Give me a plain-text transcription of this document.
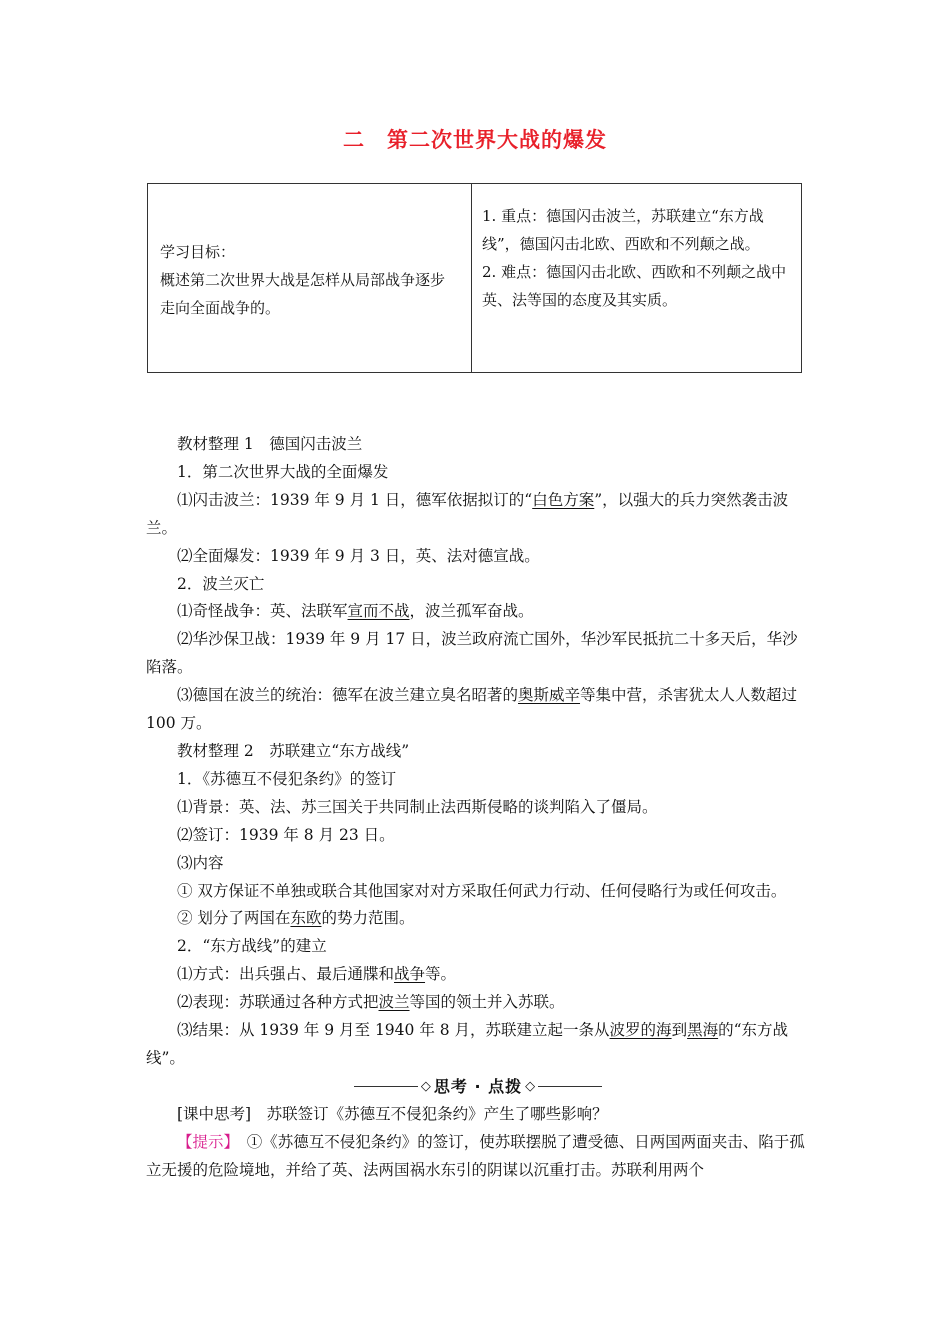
二　第二次世界大战的爆发
学习目标：
概述第二次世界大战是怎样从局部战争逐步走向全面战争的。
1. 重点：德国闪击波兰，苏联建立“东方战线”，德国闪击北欧、西欧和不列颠之战。
2. 难点：德国闪击北欧、西欧和不列颠之战中英、法等国的态度及其实质。

教材整理 1　德国闪击波兰

1．第二次世界大战的全面爆发

⑴闪击波兰：1939 年 9 月 1 日，德军依据拟订的“白色方案”，以强大的兵力突然袭击波兰。

⑵全面爆发：1939 年 9 月 3 日，英、法对德宣战。

2．波兰灭亡

⑴奇怪战争：英、法联军宣而不战，波兰孤军奋战。

⑵华沙保卫战：1939 年 9 月 17 日，波兰政府流亡国外，华沙军民抵抗二十多天后，华沙陷落。

⑶德国在波兰的统治：德军在波兰建立臭名昭著的奥斯威辛等集中营，杀害犹太人人数超过 100 万。

教材整理 2　苏联建立“东方战线”

1．《苏德互不侵犯条约》的签订

⑴背景：英、法、苏三国关于共同制止法西斯侵略的谈判陷入了僵局。

⑵签订：1939 年 8 月 23 日。

⑶内容

① 双方保证不单独或联合其他国家对对方采取任何武力行动、任何侵略行为或任何攻击。

② 划分了两国在东欧的势力范围。

2．“东方战线”的建立

⑴方式：出兵强占、最后通牒和战争等。

⑵表现：苏联通过各种方式把波兰等国的领土并入苏联。

⑶结果：从 1939 年 9 月至 1940 年 8 月，苏联建立起一条从波罗的海到黑海的“东方战线”。

◇ 思考 · 点拨 ◇

[课中思考]　苏联签订《苏德互不侵犯条约》产生了哪些影响？

【提示】　①《苏德互不侵犯条约》的签订，使苏联摆脱了遭受德、日两国两面夹击、陷于孤立无援的危险境地，并给了英、法两国祸水东引的阴谋以沉重打击。苏联利用两个
